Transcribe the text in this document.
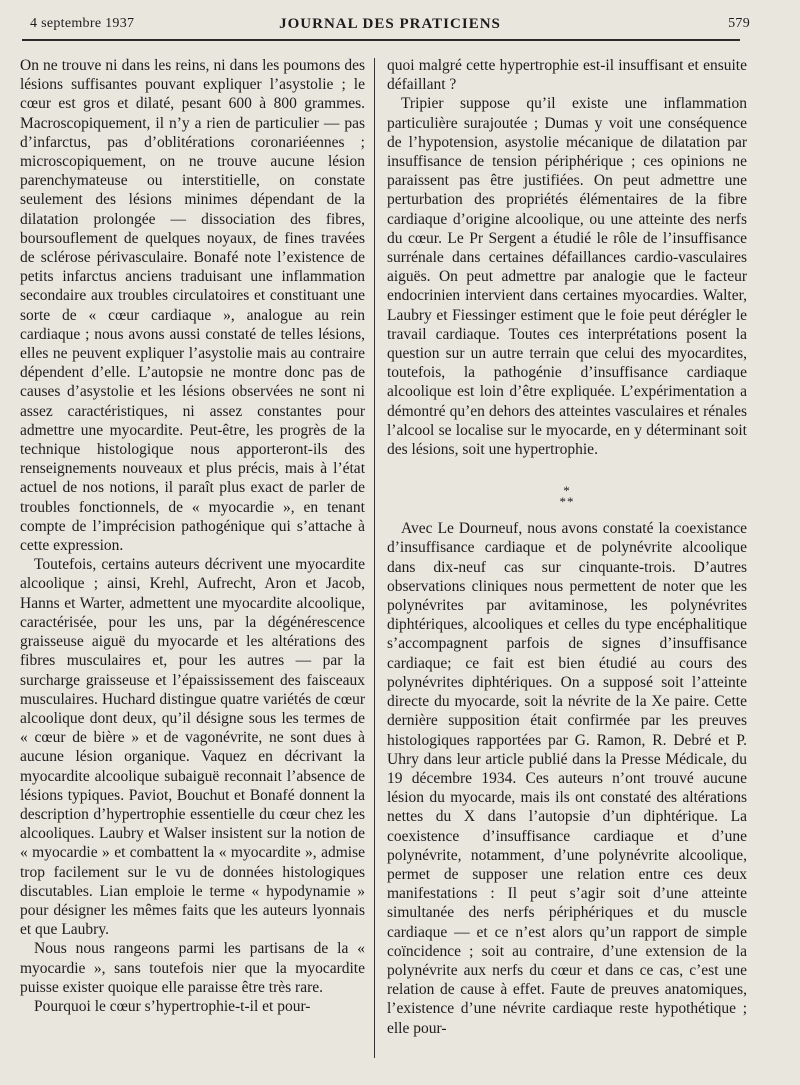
4 septembre 1937	JOURNAL DES PRATICIENS	579

On ne trouve ni dans les reins, ni dans les poumons des lésions suffisantes pouvant expliquer l’asystolie ; le cœur est gros et dilaté, pesant 600 à 800 grammes. Macroscopiquement, il n’y a rien de particulier — pas d’infarctus, pas d’oblitérations coronariéennes ; microscopiquement, on ne trouve aucune lésion parenchymateuse ou interstitielle, on constate seulement des lésions minimes dépendant de la dilatation prolongée — dissociation des fibres, boursouflement de quelques noyaux, de fines travées de sclérose périvasculaire. Bonafé note l’existence de petits infarctus anciens traduisant une inflammation secondaire aux troubles circulatoires et constituant une sorte de « cœur cardiaque », analogue au rein cardiaque ; nous avons aussi constaté de telles lésions, elles ne peuvent expliquer l’asystolie mais au contraire dépendent d’elle. L’autopsie ne montre donc pas de causes d’asystolie et les lésions observées ne sont ni assez caractéristiques, ni assez constantes pour admettre une myocardite. Peut-être, les progrès de la technique histologique nous apporteront-ils des renseignements nouveaux et plus précis, mais à l’état actuel de nos notions, il paraît plus exact de parler de troubles fonctionnels, de « myocardie », en tenant compte de l’imprécision pathogénique qui s’attache à cette expression.

Toutefois, certains auteurs décrivent une myocardite alcoolique ; ainsi, Krehl, Aufrecht, Aron et Jacob, Hanns et Warter, admettent une myocardite alcoolique, caractérisée, pour les uns, par la dégénérescence graisseuse aiguë du myocarde et les altérations des fibres musculaires et, pour les autres — par la surcharge graisseuse et l’épaississement des faisceaux musculaires. Huchard distingue quatre variétés de cœur alcoolique dont deux, qu’il désigne sous les termes de « cœur de bière » et de vagonévrite, ne sont dues à aucune lésion organique. Vaquez en décrivant la myocardite alcoolique subaiguë reconnait l’absence de lésions typiques. Paviot, Bouchut et Bonafé donnent la description d’hypertrophie essentielle du cœur chez les alcooliques. Laubry et Walser insistent sur la notion de « myocardie » et combattent la « myocardite », admise trop facilement sur le vu de données histologiques discutables. Lian emploie le terme « hypodynamie » pour désigner les mêmes faits que les auteurs lyonnais et que Laubry.

Nous nous rangeons parmi les partisans de la « myocardie », sans toutefois nier que la myocardite puisse exister quoique elle paraisse être très rare.

Pourquoi le cœur s’hypertrophie-t-il et pour-

quoi malgré cette hypertrophie est-il insuffisant et ensuite défaillant ?

Tripier suppose qu’il existe une inflammation particulière surajoutée ; Dumas y voit une conséquence de l’hypotension, asystolie mécanique de dilatation par insuffisance de tension périphérique ; ces opinions ne paraissent pas être justifiées. On peut admettre une perturbation des propriétés élémentaires de la fibre cardiaque d’origine alcoolique, ou une atteinte des nerfs du cœur. Le Pr Sergent a étudié le rôle de l’insuffisance surrénale dans certaines défaillances cardio-vasculaires aiguës. On peut admettre par analogie que le facteur endocrinien intervient dans certaines myocardies. Walter, Laubry et Fiessinger estiment que le foie peut dérégler le travail cardiaque. Toutes ces interprétations posent la question sur un autre terrain que celui des myocardites, toutefois, la pathogénie d’insuffisance cardiaque alcoolique est loin d’être expliquée. L’expérimentation a démontré qu’en dehors des atteintes vasculaires et rénales l’alcool se localise sur le myocarde, en y déterminant soit des lésions, soit une hypertrophie.

*
**

Avec Le Dourneuf, nous avons constaté la coexistance d’insuffisance cardiaque et de polynévrite alcoolique dans dix-neuf cas sur cinquante-trois. D’autres observations cliniques nous permettent de noter que les polynévrites par avitaminose, les polynévrites diphtériques, alcooliques et celles du type encéphalitique s’accompagnent parfois de signes d’insuffisance cardiaque; ce fait est bien étudié au cours des polynévrites diphtériques. On a supposé soit l’atteinte directe du myocarde, soit la névrite de la Xe paire. Cette dernière supposition était confirmée par les preuves histologiques rapportées par G. Ramon, R. Debré et P. Uhry dans leur article publié dans la Presse Médicale, du 19 décembre 1934. Ces auteurs n’ont trouvé aucune lésion du myocarde, mais ils ont constaté des altérations nettes du X dans l’autopsie d’un diphtérique. La coexistence d’insuffisance cardiaque et d’une polynévrite, notamment, d’une polynévrite alcoolique, permet de supposer une relation entre ces deux manifestations : Il peut s’agir soit d’une atteinte simultanée des nerfs périphériques et du muscle cardiaque — et ce n’est alors qu’un rapport de simple coïncidence ; soit au contraire, d’une extension de la polynévrite aux nerfs du cœur et dans ce cas, c’est une relation de cause à effet. Faute de preuves anatomiques, l’existence d’une névrite cardiaque reste hypothétique ; elle pour-
